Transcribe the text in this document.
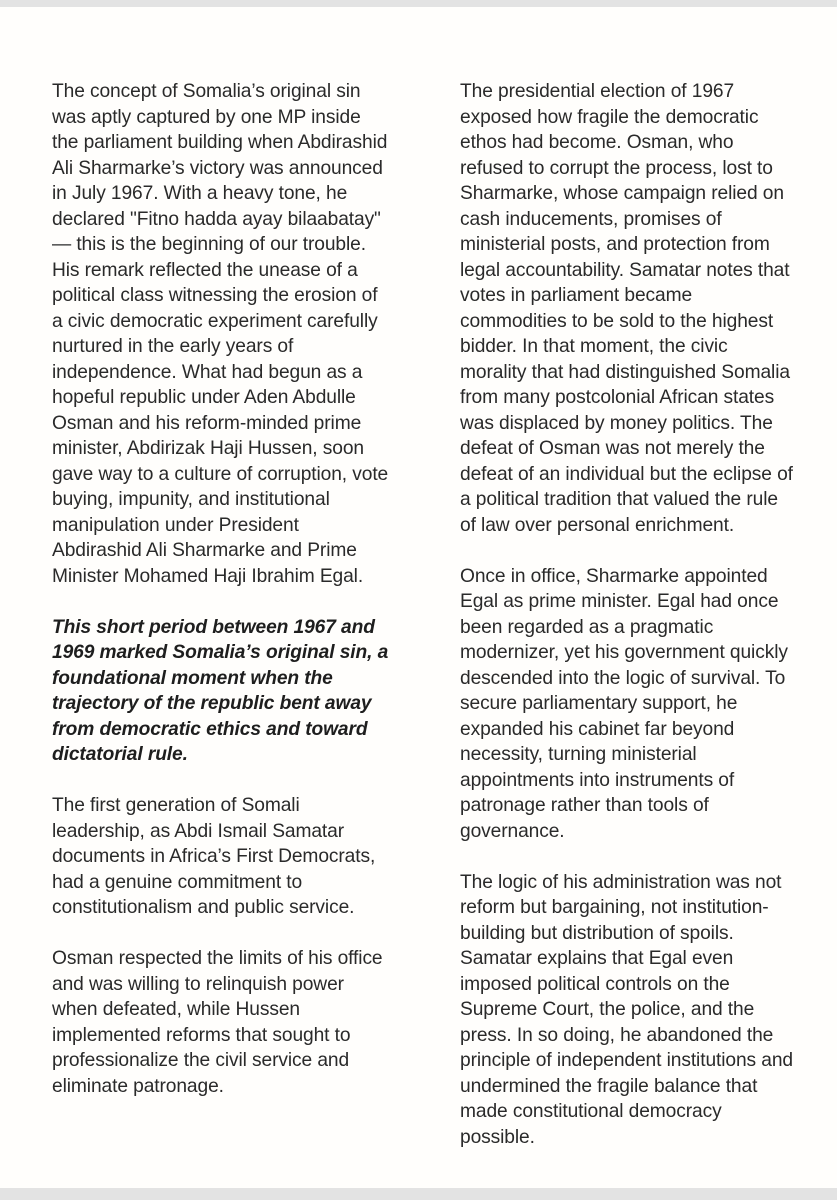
The concept of Somalia’s original sin was aptly captured by one MP inside the parliament building when Abdirashid Ali Sharmarke’s victory was announced in July 1967. With a heavy tone, he declared "Fitno hadda ayay bilaabatay" — this is the beginning of our trouble. His remark reflected the unease of a political class witnessing the erosion of a civic democratic experiment carefully nurtured in the early years of independence. What had begun as a hopeful republic under Aden Abdulle Osman and his reform-minded prime minister, Abdirizak Haji Hussen, soon gave way to a culture of corruption, vote buying, impunity, and institutional manipulation under President Abdirashid Ali Sharmarke and Prime Minister Mohamed Haji Ibrahim Egal.

This short period between 1967 and 1969 marked Somalia’s original sin, a foundational moment when the trajectory of the republic bent away from democratic ethics and toward dictatorial rule.

The first generation of Somali leadership, as Abdi Ismail Samatar documents in Africa’s First Democrats, had a genuine commitment to constitutionalism and public service.

Osman respected the limits of his office and was willing to relinquish power when defeated, while Hussen implemented reforms that sought to professionalize the civil service and eliminate patronage.

The presidential election of 1967 exposed how fragile the democratic ethos had become. Osman, who refused to corrupt the process, lost to Sharmarke, whose campaign relied on cash inducements, promises of ministerial posts, and protection from legal accountability. Samatar notes that votes in parliament became commodities to be sold to the highest bidder. In that moment, the civic morality that had distinguished Somalia from many postcolonial African states was displaced by money politics. The defeat of Osman was not merely the defeat of an individual but the eclipse of a political tradition that valued the rule of law over personal enrichment.

Once in office, Sharmarke appointed Egal as prime minister. Egal had once been regarded as a pragmatic modernizer, yet his government quickly descended into the logic of survival. To secure parliamentary support, he expanded his cabinet far beyond necessity, turning ministerial appointments into instruments of patronage rather than tools of governance.

The logic of his administration was not reform but bargaining, not institution-building but distribution of spoils. Samatar explains that Egal even imposed political controls on the Supreme Court, the police, and the press. In so doing, he abandoned the principle of independent institutions and undermined the fragile balance that made constitutional democracy possible.
